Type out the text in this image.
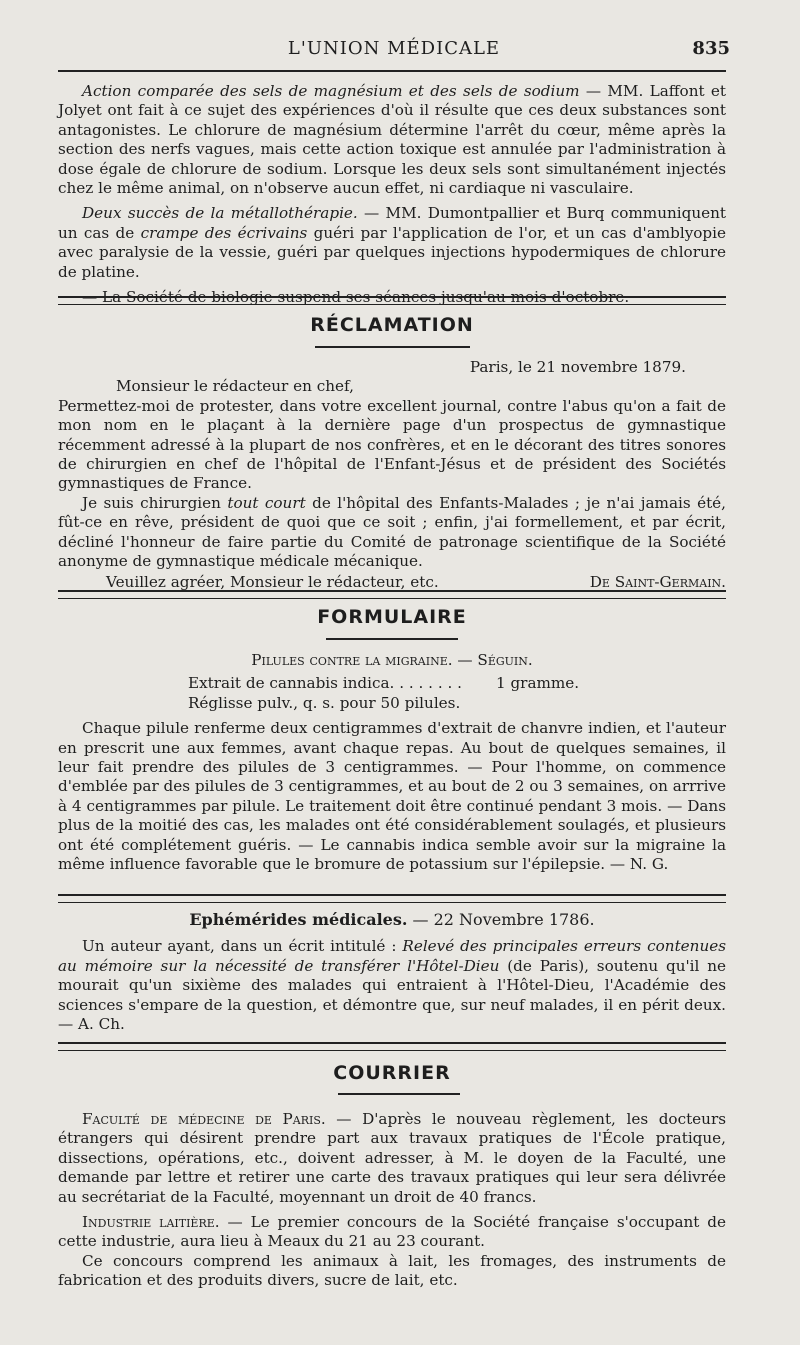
L'UNION MÉDICALE	835

Action comparée des sels de magnésium et des sels de sodium — MM. Laffont et Jolyet ont fait à ce sujet des expériences d'où il résulte que ces deux substances sont antagonistes. Le chlorure de magnésium détermine l'arrêt du cœur, même après la section des nerfs vagues, mais cette action toxique est annulée par l'administration à dose égale de chlorure de sodium. Lorsque les deux sels sont simultanément injectés chez le même animal, on n'observe aucun effet, ni cardiaque ni vasculaire.

Deux succès de la métallothérapie. — MM. Dumontpallier et Burq communiquent un cas de crampe des écrivains guéri par l'application de l'or, et un cas d'amblyopie avec paralysie de la vessie, guéri par quelques injections hypodermiques de chlorure de platine.

— La Société de biologie suspend ses séances jusqu'au mois d'octobre.

RÉCLAMATION

Paris, le 21 novembre 1879.

Monsieur le rédacteur en chef,

Permettez-moi de protester, dans votre excellent journal, contre l'abus qu'on a fait de mon nom en le plaçant à la dernière page d'un prospectus de gymnastique récemment adressé à la plupart de nos confrères, et en le décorant des titres sonores de chirurgien en chef de l'hôpital de l'Enfant-Jésus et de président des Sociétés gymnastiques de France.

Je suis chirurgien tout court de l'hôpital des Enfants-Malades ; je n'ai jamais été, fût-ce en rêve, président de quoi que ce soit ; enfin, j'ai formellement, et par écrit, décliné l'honneur de faire partie du Comité de patronage scientifique de la Société anonyme de gymnastique médicale mécanique.

Veuillez agréer, Monsieur le rédacteur, etc.	De Saint-Germain.

FORMULAIRE

Pilules contre la migraine. — Séguin.

Extrait de cannabis indica. . . . . . . . 1 gramme.

Réglisse pulv., q. s. pour 50 pilules.

Chaque pilule renferme deux centigrammes d'extrait de chanvre indien, et l'auteur en prescrit une aux femmes, avant chaque repas. Au bout de quelques semaines, il leur fait prendre des pilules de 3 centigrammes. — Pour l'homme, on commence d'emblée par des pilules de 3 centigrammes, et au bout de 2 ou 3 semaines, on arrrive à 4 centigrammes par pilule. Le traitement doit être continué pendant 3 mois. — Dans plus de la moitié des cas, les malades ont été considérablement soulagés, et plusieurs ont été complétement guéris. — Le cannabis indica semble avoir sur la migraine la même influence favorable que le bromure de potassium sur l'épilepsie. — N. G.

Ephémérides médicales. — 22 Novembre 1786.

Un auteur ayant, dans un écrit intitulé : Relevé des principales erreurs contenues au mémoire sur la nécessité de transférer l'Hôtel-Dieu (de Paris), soutenu qu'il ne mourait qu'un sixième des malades qui entraient à l'Hôtel-Dieu, l'Académie des sciences s'empare de la question, et démontre que, sur neuf malades, il en périt deux. — A. Ch.

COURRIER

Faculté de médecine de Paris. — D'après le nouveau règlement, les docteurs étrangers qui désirent prendre part aux travaux pratiques de l'École pratique, dissections, opérations, etc., doivent adresser, à M. le doyen de la Faculté, une demande par lettre et retirer une carte des travaux pratiques qui leur sera délivrée au secrétariat de la Faculté, moyennant un droit de 40 francs.

Industrie laitière. — Le premier concours de la Société française s'occupant de cette industrie, aura lieu à Meaux du 21 au 23 courant.

Ce concours comprend les animaux à lait, les fromages, des instruments de fabrication et des produits divers, sucre de lait, etc.
